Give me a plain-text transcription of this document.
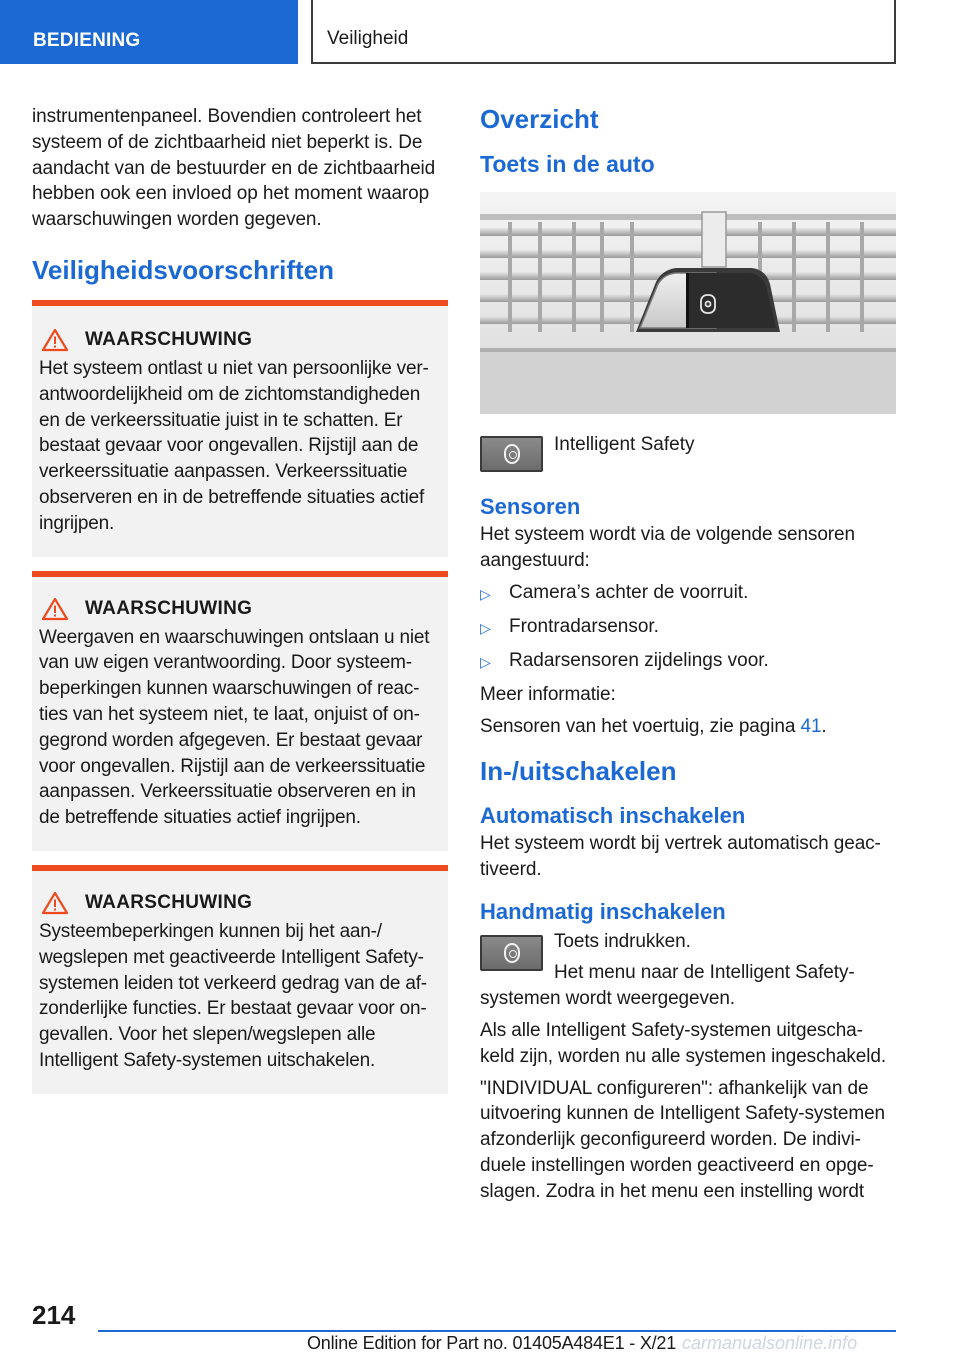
BEDIENING	Veiligheid

instrumentenpaneel. Bovendien controleert het systeem of de zichtbaarheid niet beperkt is. De aandacht van de bestuurder en de zichtbaarheid hebben ook een invloed op het moment waarop waarschuwingen worden gegeven.

Veiligheidsvoorschriften
WAARSCHUWING

Het systeem ontlast u niet van persoonlijke ver-antwoordelijkheid om de zichtomstandigheden en de verkeerssituatie juist in te schatten. Er bestaat gevaar voor ongevallen. Rijstijl aan de verkeerssituatie aanpassen. Verkeerssituatie observeren en in de betreffende situaties actief ingrijpen.

WAARSCHUWING

Weergaven en waarschuwingen ontslaan u niet van uw eigen verantwoording. Door systeem-beperkingen kunnen waarschuwingen of reac-ties van het systeem niet, te laat, onjuist of on-gegrond worden afgegeven. Er bestaat gevaar voor ongevallen. Rijstijl aan de verkeerssituatie aanpassen. Verkeerssituatie observeren en in de betreffende situaties actief ingrijpen.

WAARSCHUWING

Systeembeperkingen kunnen bij het aan-/ wegslepen met geactiveerde Intelligent Safety-systemen leiden tot verkeerd gedrag van de af-zonderlijke functies. Er bestaat gevaar voor on-gevallen. Voor het slepen/wegslepen alle Intelligent Safety-systemen uitschakelen.

Overzicht
Toets in de auto
Intelligent Safety
Sensoren

Het systeem wordt via de volgende sensoren aangestuurd:

▷ Camera’s achter de voorruit.
▷ Frontradarsensor.
▷ Radarsensoren zijdelings voor.

Meer informatie:

Sensoren van het voertuig, zie pagina 41.

In-/uitschakelen
Automatisch inschakelen

Het systeem wordt bij vertrek automatisch geac-tiveerd.

Handmatig inschakelen

Toets indrukken.

Het menu naar de Intelligent Safety-systemen wordt weergegeven.

Als alle Intelligent Safety-systemen uitgescha-keld zijn, worden nu alle systemen ingeschakeld.

"INDIVIDUAL configureren": afhankelijk van de uitvoering kunnen de Intelligent Safety-systemen afzonderlijk geconfigureerd worden. De indivi-duele instellingen worden geactiveerd en opge-slagen. Zodra in het menu een instelling wordt

214
Online Edition for Part no. 01405A484E1 - X/21 carmanualsonline.info
